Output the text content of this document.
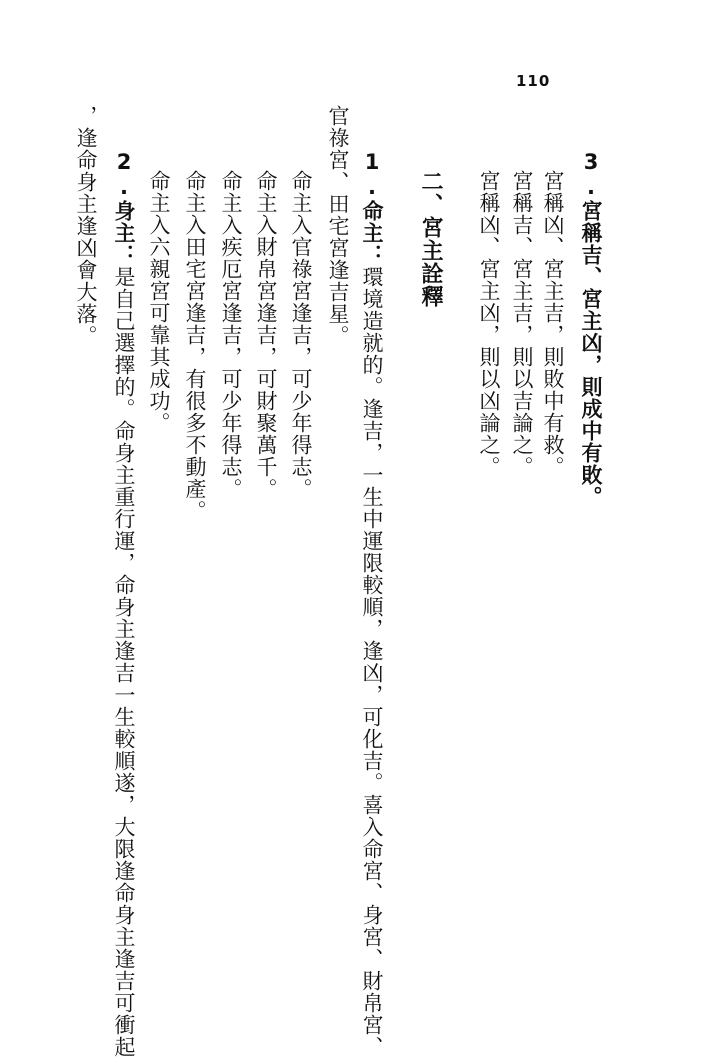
110

3.宮稱吉、宮主凶，則成中有敗。

宮稱凶、宮主吉，則敗中有救。

宮稱吉、宮主吉，則以吉論之。

宮稱凶、宮主凶，則以凶論之。

二、宮主詮釋

1.命主：環境造就的。逢吉，一生中運限較順，逢凶，可化吉。喜入命宮、身宮、財帛宮、

官祿宮、田宅宮逢吉星。

命主入官祿宮逢吉，可少年得志。

命主入財帛宮逢吉，可財聚萬千。

命主入疾厄宮逢吉，可少年得志。

命主入田宅宮逢吉，有很多不動產。

命主入六親宮可靠其成功。

2.身主：是自己選擇的。命身主重行運，命身主逢吉一生較順遂，大限逢命身主逢吉可衝起

，逢命身主逢凶會大落。
